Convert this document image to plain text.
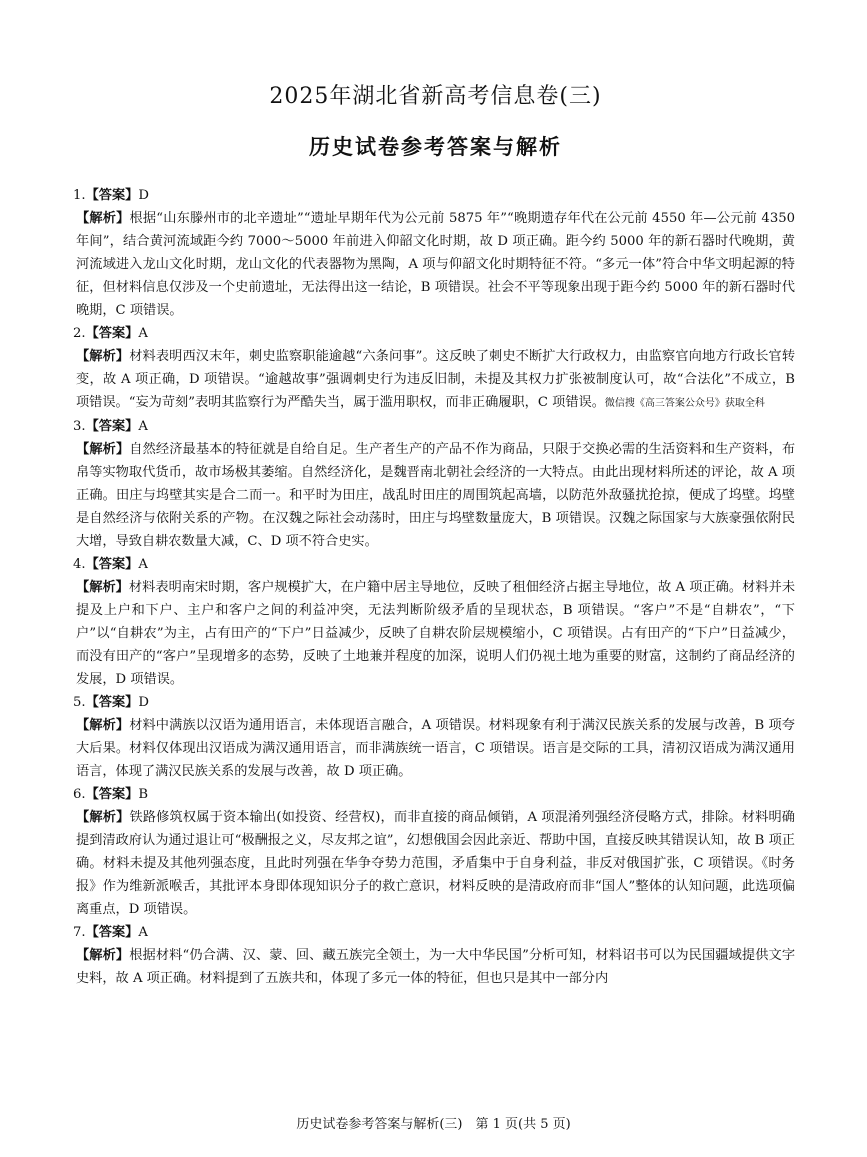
2025年湖北省新高考信息卷(三)
历史试卷参考答案与解析
1.【答案】D
【解析】根据“山东滕州市的北辛遗址”“遗址早期年代为公元前 5875 年”“晚期遗存年代在公元前 4550 年—公元前 4350 年间”，结合黄河流域距今约 7000～5000 年前进入仰韶文化时期，故 D 项正确。距今约 5000 年的新石器时代晚期，黄河流域进入龙山文化时期，龙山文化的代表器物为黑陶，A 项与仰韶文化时期特征不符。“多元一体”符合中华文明起源的特征，但材料信息仅涉及一个史前遗址，无法得出这一结论，B 项错误。社会不平等现象出现于距今约 5000 年的新石器时代晚期，C 项错误。
2.【答案】A
【解析】材料表明西汉末年，刺史监察职能逾越“六条问事”。这反映了刺史不断扩大行政权力，由监察官向地方行政长官转变，故 A 项正确，D 项错误。“逾越故事”强调刺史行为违反旧制，未提及其权力扩张被制度认可，故“合法化”不成立，B 项错误。“妄为苛刻”表明其监察行为严酷失当，属于滥用职权，而非正确履职，C 项错误。微信搜《高三答案公众号》获取全科
3.【答案】A
【解析】自然经济最基本的特征就是自给自足。生产者生产的产品不作为商品，只限于交换必需的生活资料和生产资料，布帛等实物取代货币，故市场极其萎缩。自然经济化，是魏晋南北朝社会经济的一大特点。由此出现材料所述的评论，故 A 项正确。田庄与坞壁其实是合二而一。和平时为田庄，战乱时田庄的周围筑起高墙，以防范外敌骚扰抢掠，便成了坞壁。坞壁是自然经济与依附关系的产物。在汉魏之际社会动荡时，田庄与坞壁数量庞大，B 项错误。汉魏之际国家与大族豪强依附民大增，导致自耕农数量大减，C、D 项不符合史实。
4.【答案】A
【解析】材料表明南宋时期，客户规模扩大，在户籍中居主导地位，反映了租佃经济占据主导地位，故 A 项正确。材料并未提及上户和下户、主户和客户之间的利益冲突，无法判断阶级矛盾的呈现状态，B 项错误。“客户”不是“自耕农”，“下户”以“自耕农”为主，占有田产的“下户”日益减少，反映了自耕农阶层规模缩小，C 项错误。占有田产的“下户”日益减少，而没有田产的“客户”呈现增多的态势，反映了土地兼并程度的加深，说明人们仍视土地为重要的财富，这制约了商品经济的发展，D 项错误。
5.【答案】D
【解析】材料中满族以汉语为通用语言，未体现语言融合，A 项错误。材料现象有利于满汉民族关系的发展与改善，B 项夸大后果。材料仅体现出汉语成为满汉通用语言，而非满族统一语言，C 项错误。语言是交际的工具，清初汉语成为满汉通用语言，体现了满汉民族关系的发展与改善，故 D 项正确。
6.【答案】B
【解析】铁路修筑权属于资本输出(如投资、经营权)，而非直接的商品倾销，A 项混淆列强经济侵略方式，排除。材料明确提到清政府认为通过退让可“极酬报之义，尽友邦之谊”，幻想俄国会因此亲近、帮助中国，直接反映其错误认知，故 B 项正确。材料未提及其他列强态度，且此时列强在华争夺势力范围，矛盾集中于自身利益，非反对俄国扩张，C 项错误。《时务报》作为维新派喉舌，其批评本身即体现知识分子的救亡意识，材料反映的是清政府而非“国人”整体的认知问题，此选项偏离重点，D 项错误。
7.【答案】A
【解析】根据材料“仍合满、汉、蒙、回、藏五族完全领土，为一大中华民国”分析可知，材料诏书可以为民国疆域提供文字史料，故 A 项正确。材料提到了五族共和，体现了多元一体的特征，但也只是其中一部分内
历史试卷参考答案与解析(三)　第 1 页(共 5 页)
